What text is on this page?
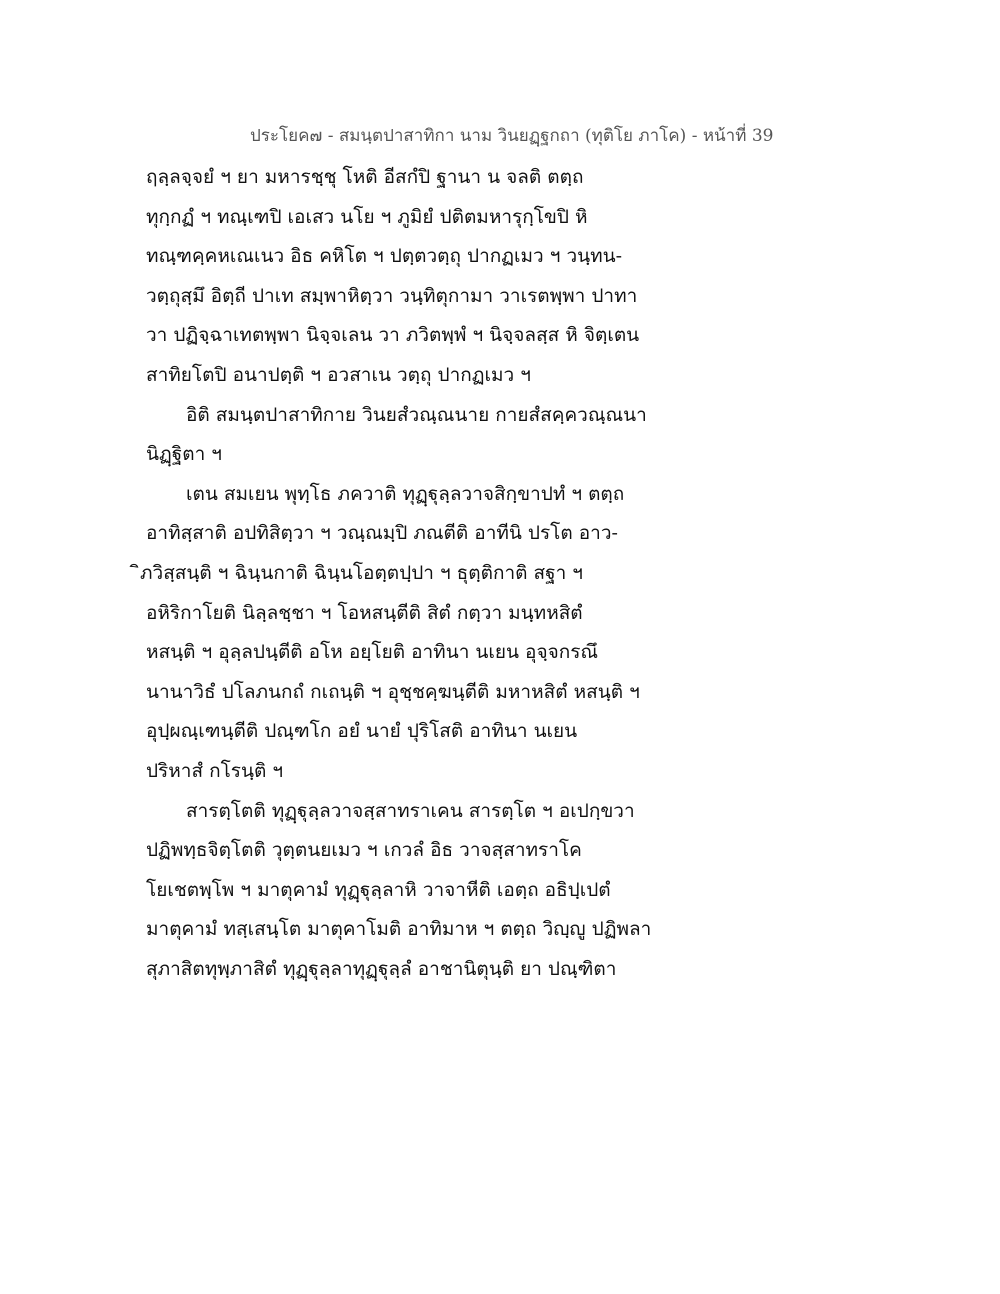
ประโยค๗ - สมนฺตปาสาทิกา นาม วินยฏฺฐกถา (ทุติโย ภาโค) - หน้าที่ 39
ฤลฺลจฺจยํ ฯ ยา มหารชฺชุ โหติ อีสกํปิ ฐานา น จลติ ตตฺถ
ทุกฺกฏํ ฯ ทณฺเฑปิ เอเสว นโย ฯ ภูมิยํ ปติตมหารุกฺโขปิ หิ
ทณฺฑคฺคหเณเนว อิธ คหิโต ฯ ปตฺตวตฺถุ ปากฏเมว ฯ วนฺทน-
วตฺถุสฺมึ อิตฺถี ปาเท สมฺพาหิตฺวา วนฺทิตุกามา วาเรตพฺพา ปาทา
วา ปฏิจฺฉาเทตพฺพา นิจฺจเลน วา ภวิตพฺพํ ฯ นิจฺจลสฺส หิ จิตฺเตน
สาทิยโตปิ อนาปตฺติ ฯ อวสาเน วตฺถุ ปากฏเมว ฯ
อิติ สมนฺตปาสาทิกาย วินยสํวณฺณนาย กายสํสคฺควณฺณนา
นิฏฺฐิตา ฯ
เตน สมเยน พุทฺโธ ภควาติ ทุฏฺฐุลฺลวาจสิกฺขาปทํ ฯ ตตฺถ
อาทิสฺสาติ อปทิสิตฺวา ฯ วณฺณมฺปิ ภณตีติ อาทีนิ ปรโต อาว-
ิภวิสฺสนฺติ ฯ ฉินฺนกาติ ฉินฺนโอตฺตปฺปา ฯ ธุตฺติกาติ สฐา ฯ
อหิริกาโยติ นิลฺลชฺชา ฯ โอหสนฺตีติ สิตํ กตฺวา มนฺทหสิตํ
หสนฺติ ฯ อุลฺลปนฺตีติ อโห อยฺโยติ อาทินา นเยน อุจฺจกรณึ
นานาวิธํ ปโลภนกถํ กเถนฺติ ฯ อุชฺชคฺฆนฺตีติ มหาหสิตํ หสนฺติ ฯ
อุปฺผณฺเฑนฺตีติ ปณฺฑโก อยํ นายํ ปุริโสติ อาทินา นเยน
ปริหาสํ กโรนฺติ ฯ
สารตฺโตติ ทุฏฺฐุลฺลวาจสฺสาทราเคน สารตฺโต ฯ อเปกฺขวา
ปฏิพทฺธจิตฺโตติ วุตฺตนยเมว ฯ เกวลํ อิธ วาจสฺสาทราโค
โยเชตพฺโพ ฯ มาตุคามํ ทุฏฺฐุลฺลาหิ วาจาหีติ เอตฺถ อธิปฺเปตํ
มาตุคามํ ทสฺเสนฺโต มาตุคาโมติ อาทิมาห ฯ ตตฺถ วิญฺญู ปฏิพลา
สุภาสิตทุพฺภาสิตํ ทุฏฺฐุลฺลาทุฏฺฐุลฺลํ อาชานิตุนฺติ ยา ปณฺฑิตา
